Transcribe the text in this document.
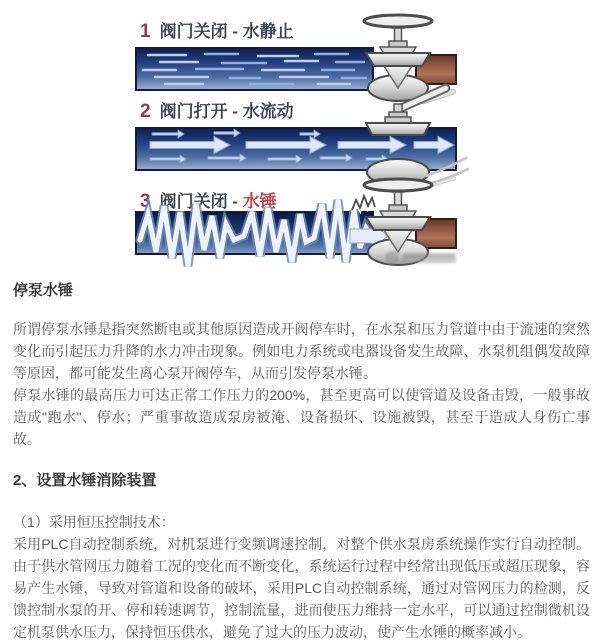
1 阀门关闭 - 水静止
2 阀门打开 - 水流动
3 阀门关闭 - 水锤
停泵水锤

所谓停泵水锤是指突然断电或其他原因造成开阀停车时，在水泵和压力管道中由于流速的突然变化而引起压力升降的水力冲击现象。例如电力系统或电器设备发生故障、水泵机组偶发故障等原因，都可能发生离心泵开阀停车，从而引发停泵水锤。

停泵水锤的最高压力可达正常工作压力的200%，甚至更高可以使管道及设备击毁，一般事故造成"跑水"、停水；严重事故造成泵房被淹、设备损坏、设施被毁，甚至于造成人身伤亡事故。

2、设置水锤消除装置

（1）采用恒压控制技术：

采用PLC自动控制系统，对机泵进行变频调速控制，对整个供水泵房系统操作实行自动控制。由于供水管网压力随着工况的变化而不断变化，系统运行过程中经常出现低压或超压现象，容易产生水锤，导致对管道和设备的破坏，采用PLC自动控制系统，通过对管网压力的检测，反馈控制水泵的开、停和转速调节，控制流量，进而使压力维持一定水平，可以通过控制微机设定机泵供水压力，保持恒压供水，避免了过大的压力波动，使产生水锤的概率减小。
